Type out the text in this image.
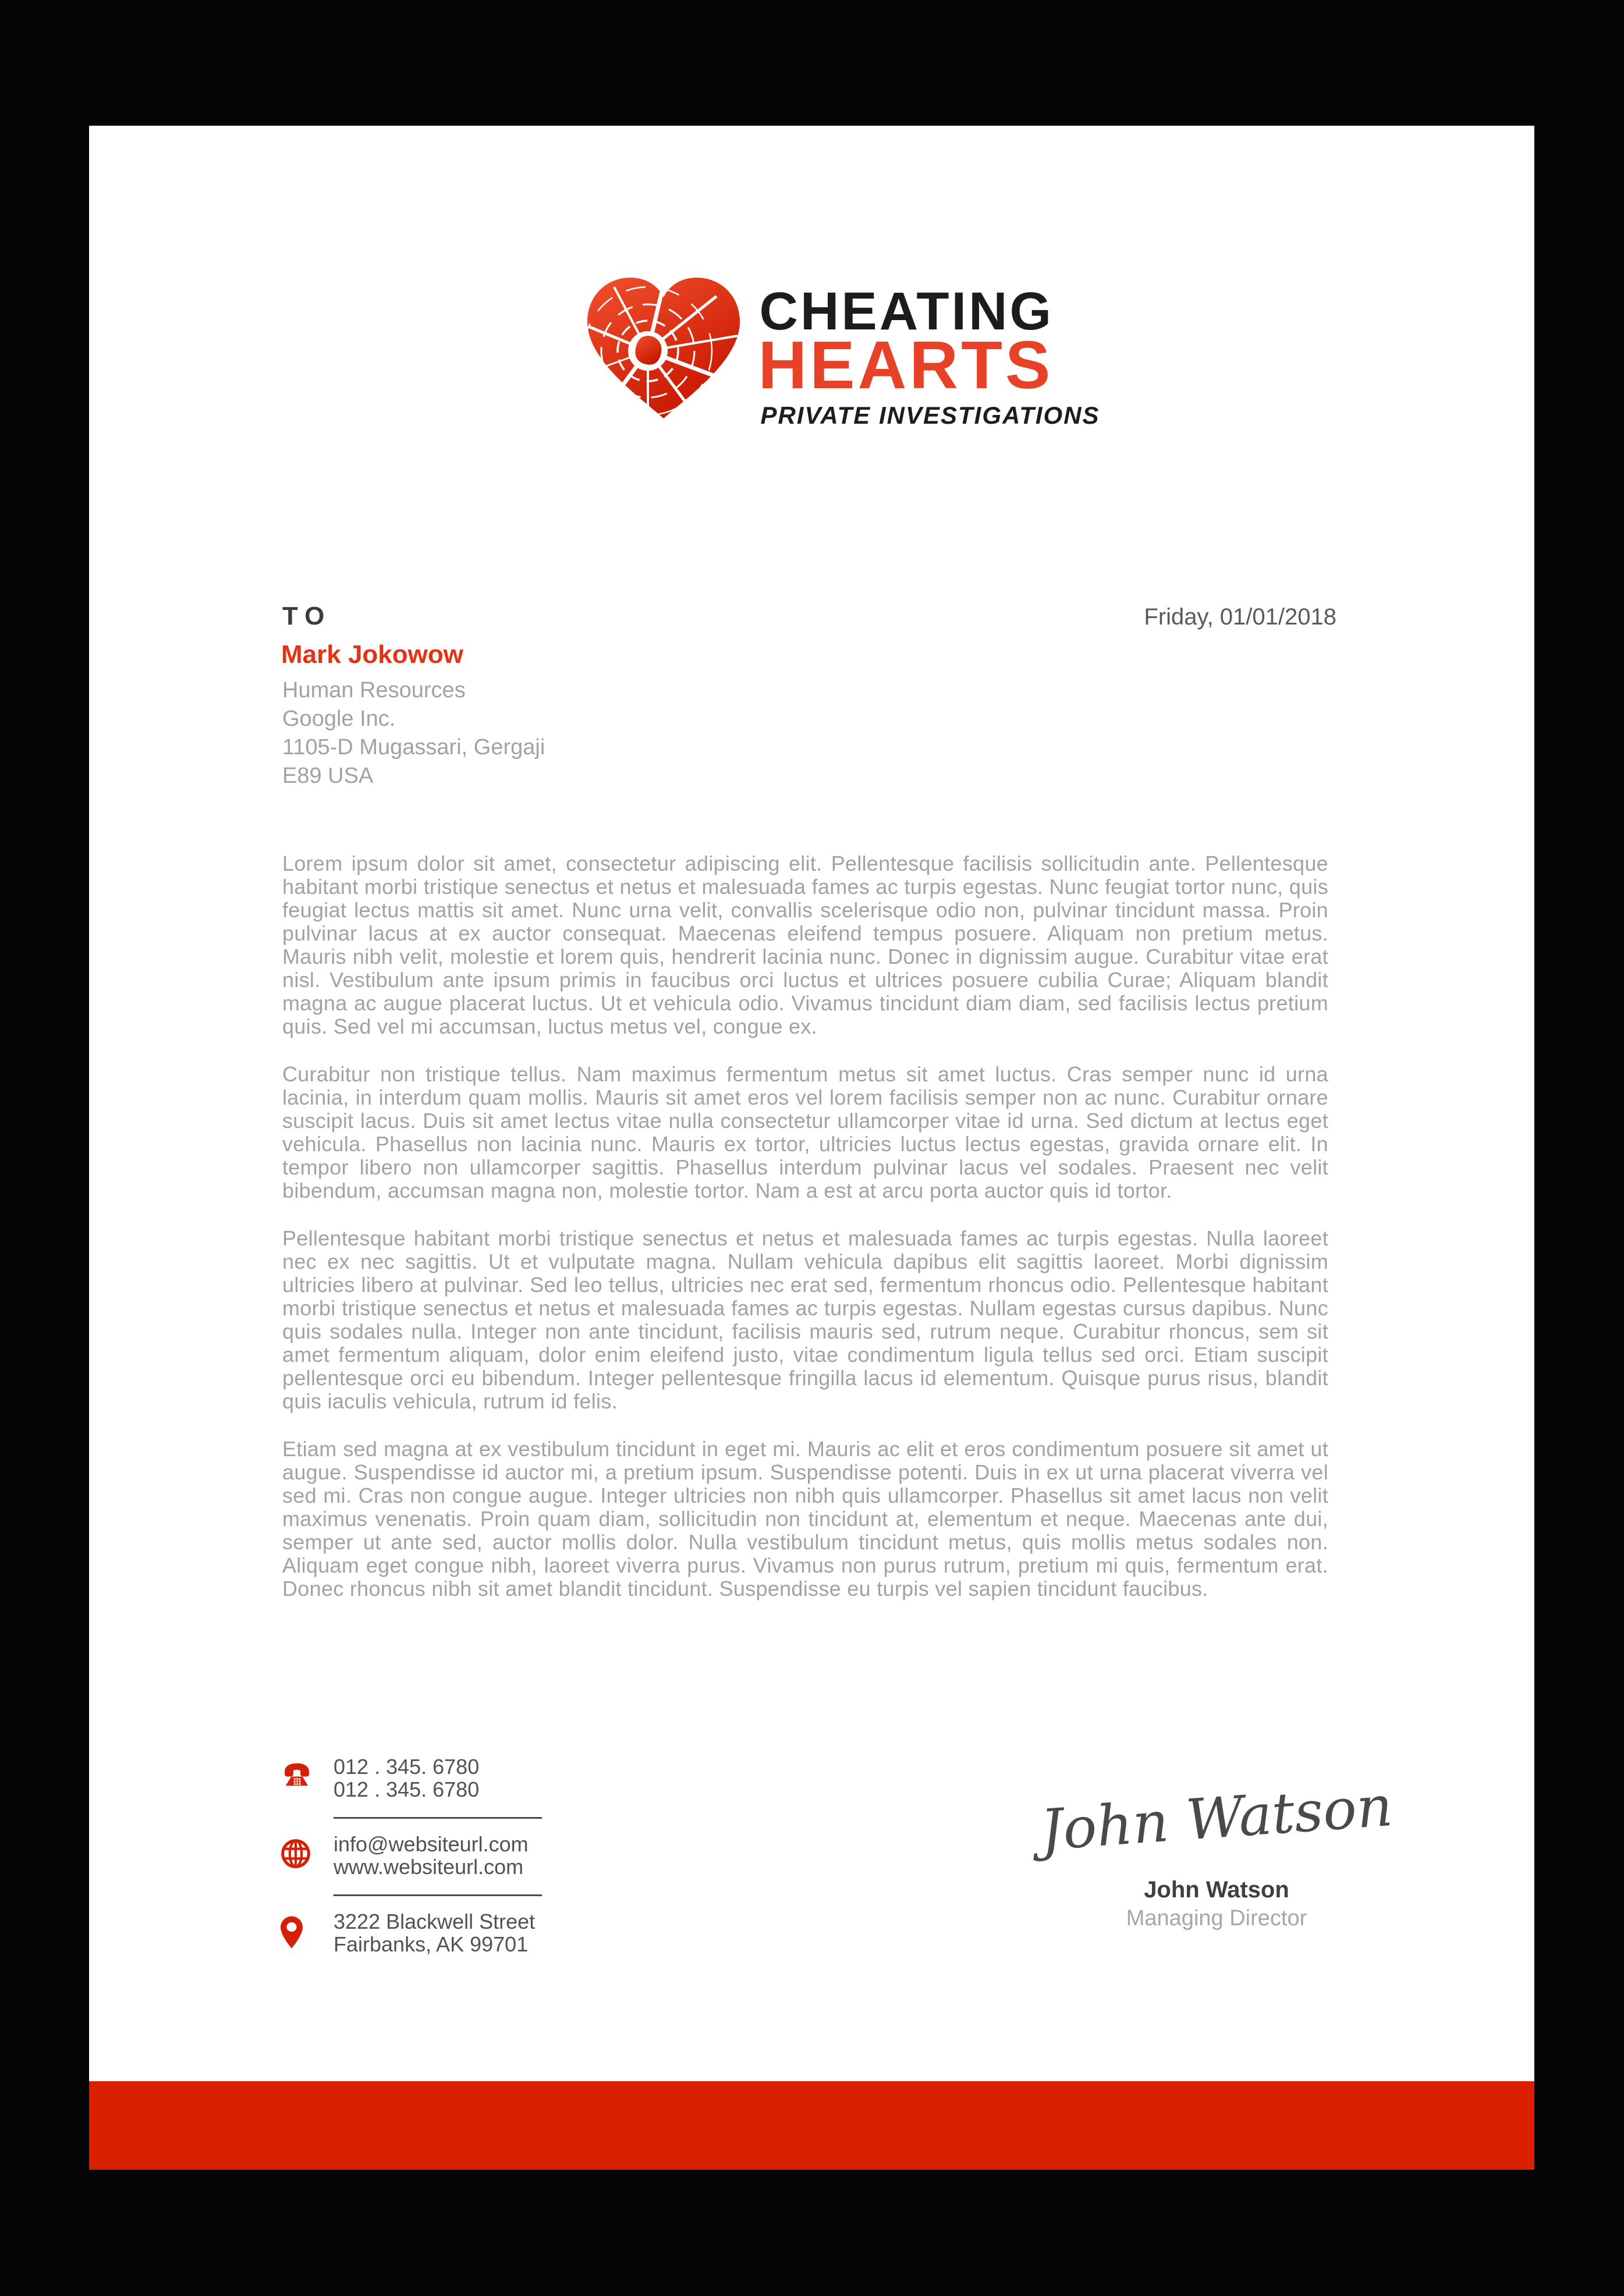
CHEATING
HEARTS
PRIVATE INVESTIGATIONS
TO	Friday, 01/01/2018
Mark Jokowow
Human Resources
Google Inc.
1105-D Mugassari, Gergaji
E89 USA

Lorem ipsum dolor sit amet, consectetur adipiscing elit. Pellentesque facilisis sollicitudin ante. Pellentesque habitant morbi tristique senectus et netus et malesuada fames ac turpis egestas. Nunc feugiat tortor nunc, quis feugiat lectus mattis sit amet. Nunc urna velit, convallis scelerisque odio non, pulvinar tincidunt massa. Proin pulvinar lacus at ex auctor consequat. Maecenas eleifend tempus posuere. Aliquam non pretium metus. Mauris nibh velit, molestie et lorem quis, hendrerit lacinia nunc. Donec in dignissim augue. Curabitur vitae erat nisl. Vestibulum ante ipsum primis in faucibus orci luctus et ultrices posuere cubilia Curae; Aliquam blandit magna ac augue placerat luctus. Ut et vehicula odio. Vivamus tincidunt diam diam, sed facilisis lectus pretium quis. Sed vel mi accumsan, luctus metus vel, congue ex.

Curabitur non tristique tellus. Nam maximus fermentum metus sit amet luctus. Cras semper nunc id urna lacinia, in interdum quam mollis. Mauris sit amet eros vel lorem facilisis semper non ac nunc. Curabitur ornare suscipit lacus. Duis sit amet lectus vitae nulla consectetur ullamcorper vitae id urna. Sed dictum at lectus eget vehicula. Phasellus non lacinia nunc. Mauris ex tortor, ultricies luctus lectus egestas, gravida ornare elit. In tempor libero non ullamcorper sagittis. Phasellus interdum pulvinar lacus vel sodales. Praesent nec velit bibendum, accumsan magna non, molestie tortor. Nam a est at arcu porta auctor quis id tortor.

Pellentesque habitant morbi tristique senectus et netus et malesuada fames ac turpis egestas. Nulla laoreet nec ex nec sagittis. Ut et vulputate magna. Nullam vehicula dapibus elit sagittis laoreet. Morbi dignissim ultricies libero at pulvinar. Sed leo tellus, ultricies nec erat sed, fermentum rhoncus odio. Pellentesque habitant morbi tristique senectus et netus et malesuada fames ac turpis egestas. Nullam egestas cursus dapibus. Nunc quis sodales nulla. Integer non ante tincidunt, facilisis mauris sed, rutrum neque. Curabitur rhoncus, sem sit amet fermentum aliquam, dolor enim eleifend justo, vitae condimentum ligula tellus sed orci. Etiam suscipit pellentesque orci eu bibendum. Integer pellentesque fringilla lacus id elementum. Quisque purus risus, blandit quis iaculis vehicula, rutrum id felis.

Etiam sed magna at ex vestibulum tincidunt in eget mi. Mauris ac elit et eros condimentum posuere sit amet ut augue. Suspendisse id auctor mi, a pretium ipsum. Suspendisse potenti. Duis in ex ut urna placerat viverra vel sed mi. Cras non congue augue. Integer ultricies non nibh quis ullamcorper. Phasellus sit amet lacus non velit maximus venenatis. Proin quam diam, sollicitudin non tincidunt at, elementum et neque. Maecenas ante dui, semper ut ante sed, auctor mollis dolor. Nulla vestibulum tincidunt metus, quis mollis metus sodales non. Aliquam eget congue nibh, laoreet viverra purus. Vivamus non purus rutrum, pretium mi quis, fermentum erat. Donec rhoncus nibh sit amet blandit tincidunt. Suspendisse eu turpis vel sapien tincidunt faucibus.

012 . 345. 6780
012 . 345. 6780
info@websiteurl.com
www.websiteurl.com
3222 Blackwell Street
Fairbanks, AK 99701
John Watson
John Watson
Managing Director
